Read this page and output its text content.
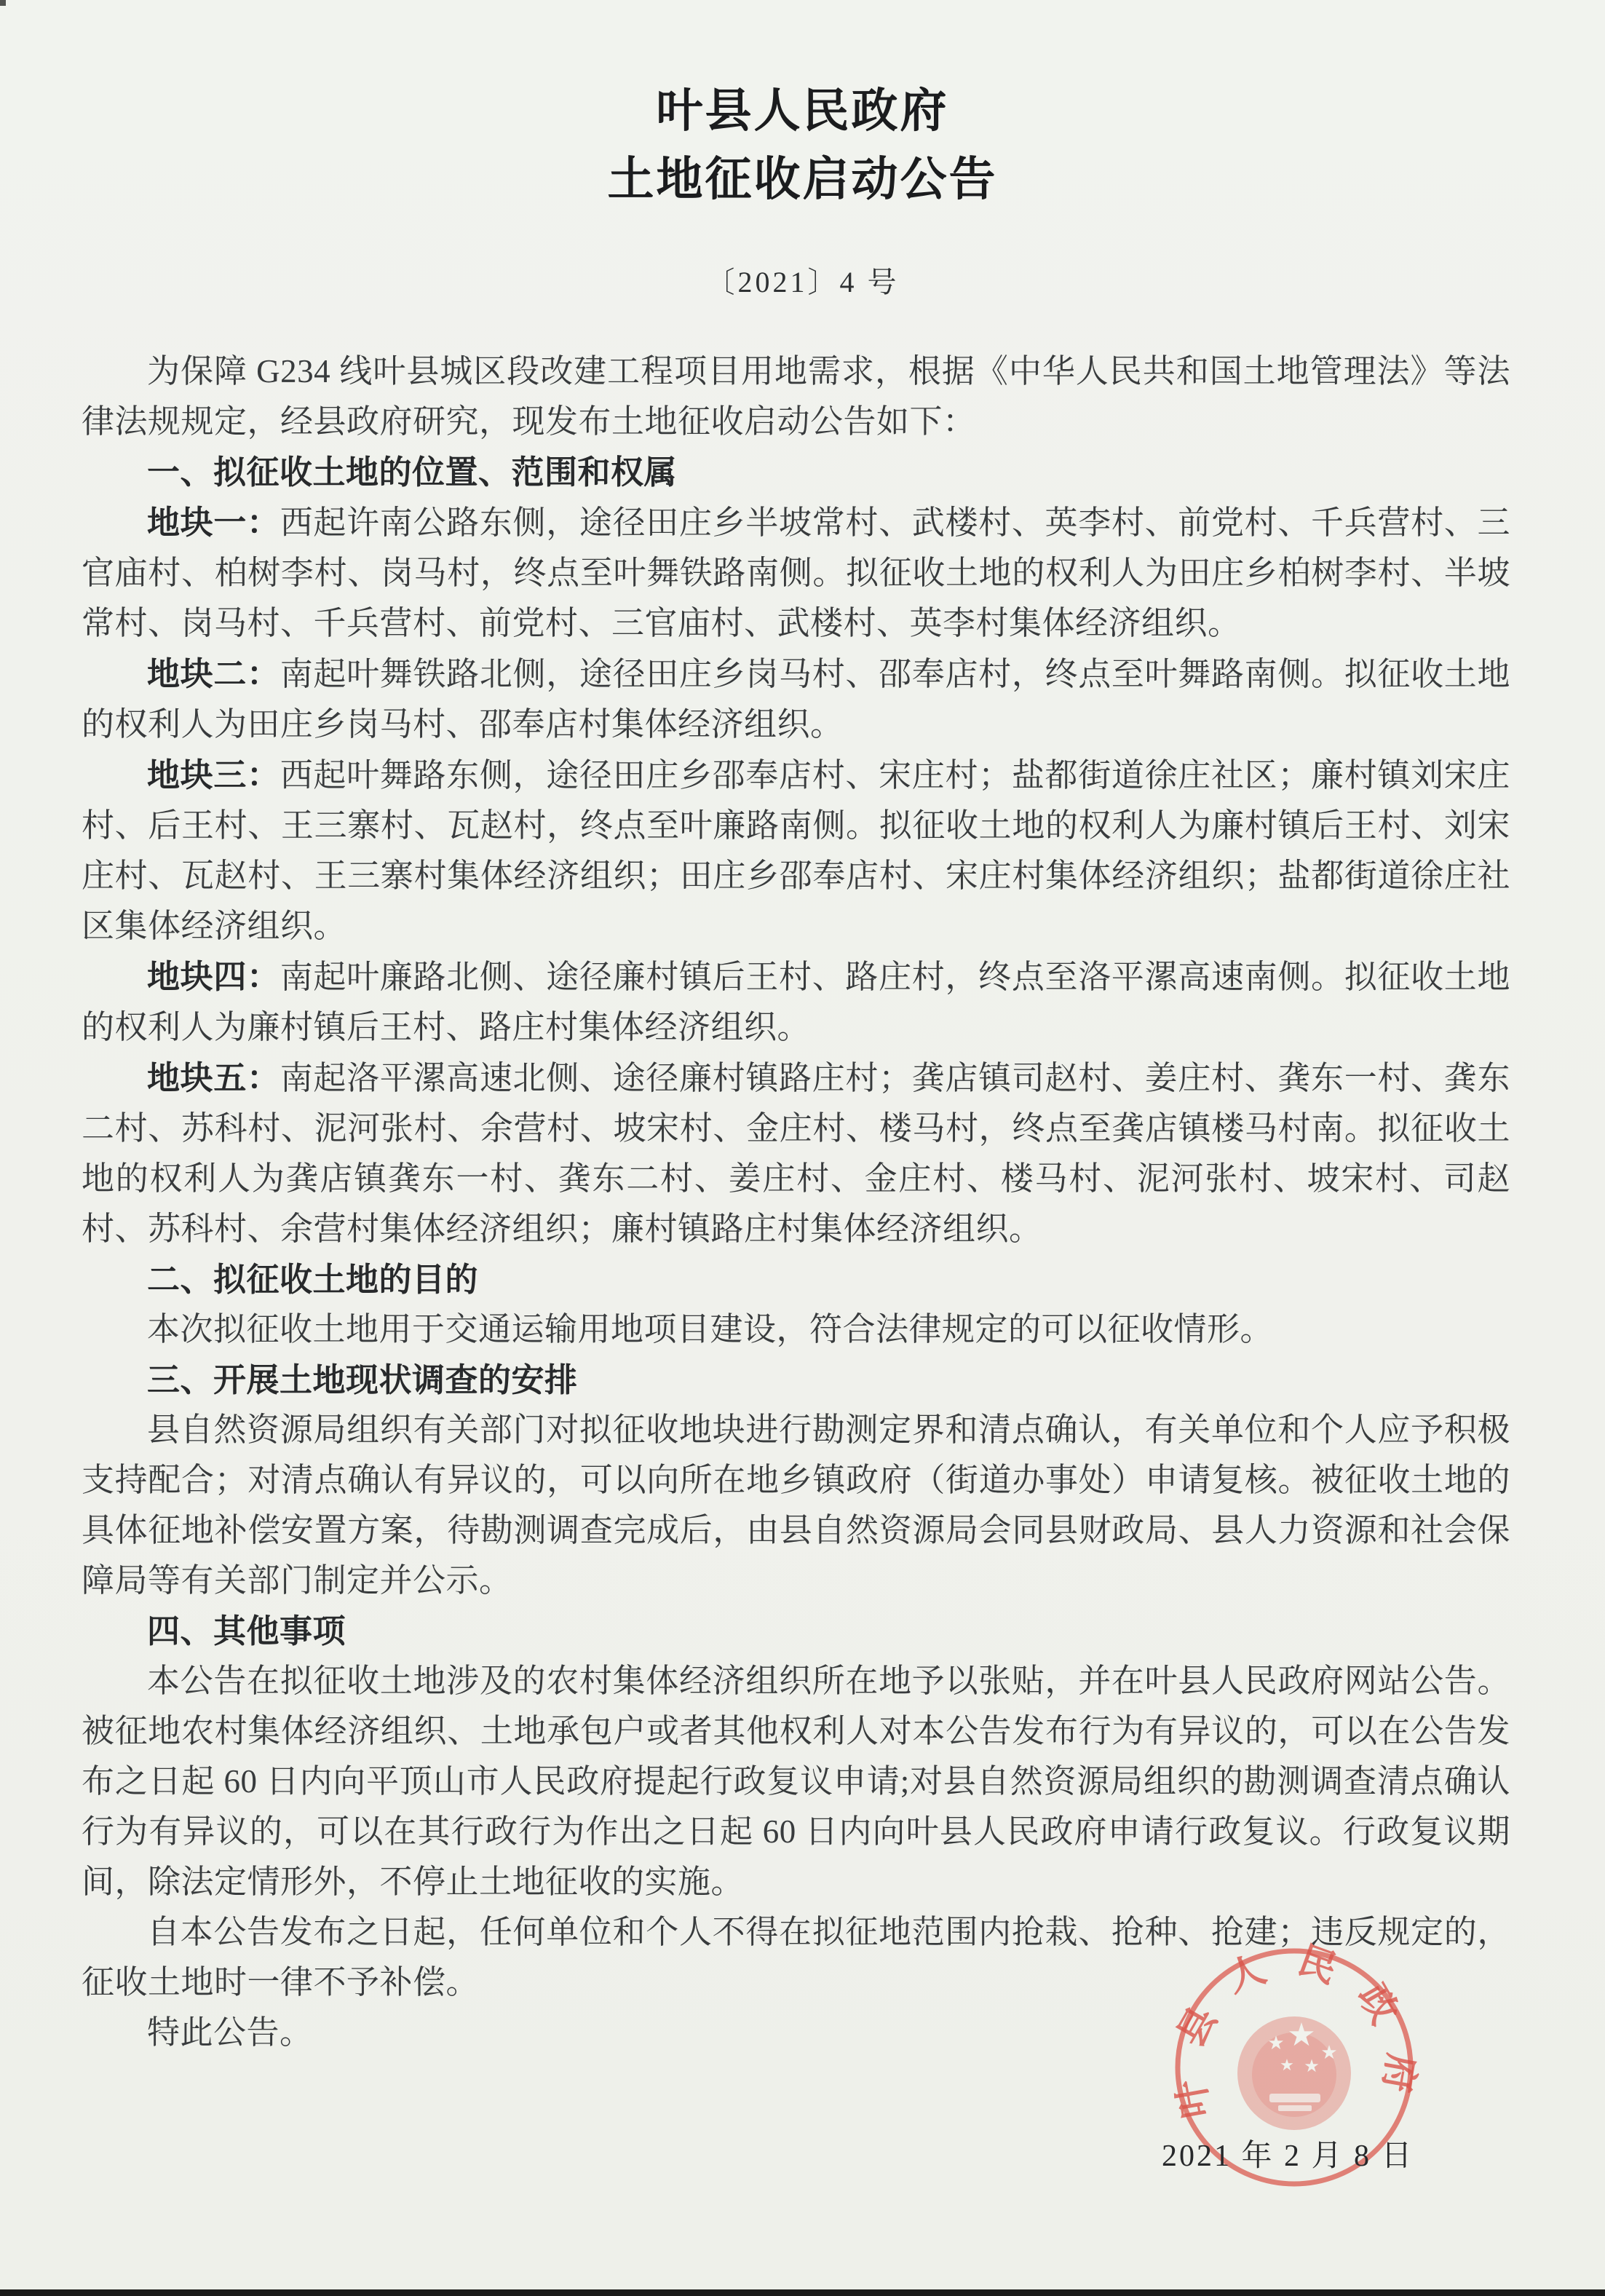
叶县人民政府
土地征收启动公告
〔2021〕4 号

为保障 G234 线叶县城区段改建工程项目用地需求，根据《中华人民共和国土地管理法》等法律法规规定，经县政府研究，现发布土地征收启动公告如下：

一、拟征收土地的位置、范围和权属

地块一：西起许南公路东侧，途径田庄乡半坡常村、武楼村、英李村、前党村、千兵营村、三官庙村、柏树李村、岗马村，终点至叶舞铁路南侧。拟征收土地的权利人为田庄乡柏树李村、半坡常村、岗马村、千兵营村、前党村、三官庙村、武楼村、英李村集体经济组织。

地块二：南起叶舞铁路北侧，途径田庄乡岗马村、邵奉店村，终点至叶舞路南侧。拟征收土地的权利人为田庄乡岗马村、邵奉店村集体经济组织。

地块三：西起叶舞路东侧，途径田庄乡邵奉店村、宋庄村；盐都街道徐庄社区；廉村镇刘宋庄村、后王村、王三寨村、瓦赵村，终点至叶廉路南侧。拟征收土地的权利人为廉村镇后王村、刘宋庄村、瓦赵村、王三寨村集体经济组织；田庄乡邵奉店村、宋庄村集体经济组织；盐都街道徐庄社区集体经济组织。

地块四：南起叶廉路北侧、途径廉村镇后王村、路庄村，终点至洛平漯高速南侧。拟征收土地的权利人为廉村镇后王村、路庄村集体经济组织。

地块五：南起洛平漯高速北侧、途径廉村镇路庄村；龚店镇司赵村、姜庄村、龚东一村、龚东二村、苏科村、泥河张村、余营村、坡宋村、金庄村、楼马村，终点至龚店镇楼马村南。拟征收土地的权利人为龚店镇龚东一村、龚东二村、姜庄村、金庄村、楼马村、泥河张村、坡宋村、司赵村、苏科村、余营村集体经济组织；廉村镇路庄村集体经济组织。

二、拟征收土地的目的

本次拟征收土地用于交通运输用地项目建设，符合法律规定的可以征收情形。

三、开展土地现状调查的安排

县自然资源局组织有关部门对拟征收地块进行勘测定界和清点确认，有关单位和个人应予积极支持配合；对清点确认有异议的，可以向所在地乡镇政府（街道办事处）申请复核。被征收土地的具体征地补偿安置方案，待勘测调查完成后，由县自然资源局会同县财政局、县人力资源和社会保障局等有关部门制定并公示。

四、其他事项

本公告在拟征收土地涉及的农村集体经济组织所在地予以张贴，并在叶县人民政府网站公告。被征地农村集体经济组织、土地承包户或者其他权利人对本公告发布行为有异议的，可以在公告发布之日起 60 日内向平顶山市人民政府提起行政复议申请;对县自然资源局组织的勘测调查清点确认行为有异议的，可以在其行政行为作出之日起 60 日内向叶县人民政府申请行政复议。行政复议期间，除法定情形外，不停止土地征收的实施。

自本公告发布之日起，任何单位和个人不得在拟征地范围内抢栽、抢种、抢建；违反规定的，征收土地时一律不予补偿。

特此公告。	★
★ ★
★
★
叶县人民政府
2021 年 2 月 8 日
